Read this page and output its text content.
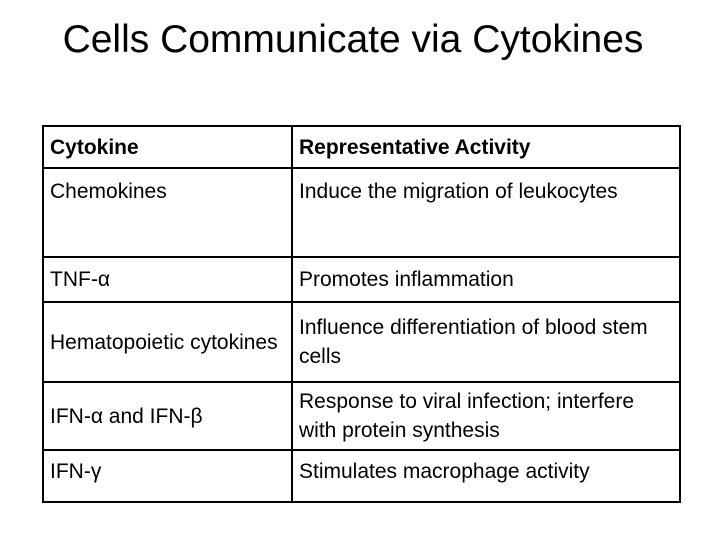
Cells Communicate via Cytokines
Cytokine	Representative Activity
Chemokines	Induce the migration of leukocytes
TNF-α	Promotes inflammation
Hematopoietic cytokines	Influence differentiation of blood stem cells
IFN-α and IFN-β	Response to viral infection; interfere with protein synthesis
IFN-γ	Stimulates macrophage activity
